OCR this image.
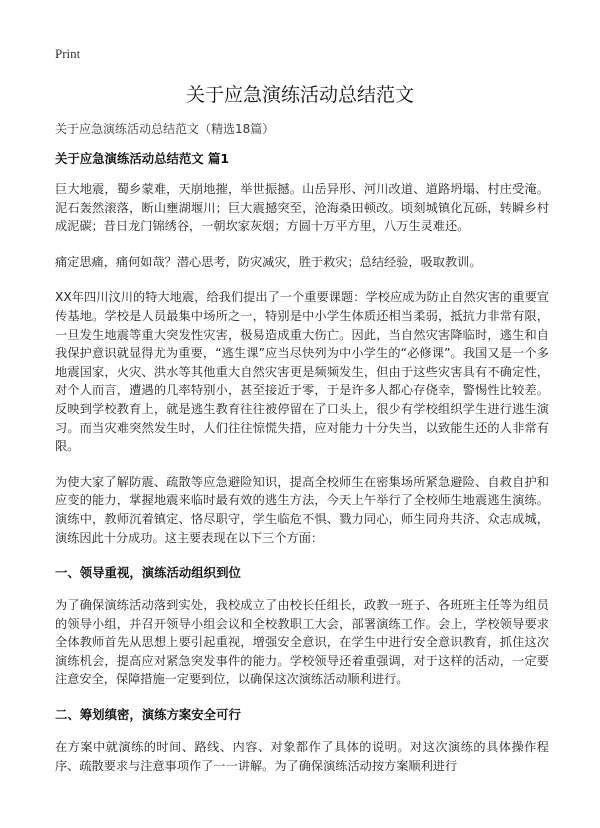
Print
关于应急演练活动总结范文
关于应急演练活动总结范文（精选18篇）
关于应急演练活动总结范文 篇1

巨大地震，蜀乡蒙难，天崩地摧，举世振撼。山岳异形、河川改道、道路坍塌、村庄受淹。泥石轰然滚落，断山壅湖堰川；巨大震撼突至，沧海桑田顿改。顷刻城镇化瓦砾，转瞬乡村成泥碳；昔日龙门锦绣谷，一朝坎家灰烟；方圆十万平方里，八万生灵难还。

痛定思痛，痛何如哉？潜心思考，防灾减灾，胜于救灾；总结经验，吸取教训。

XX年四川汶川的特大地震，给我们提出了一个重要课题：学校应成为防止自然灾害的重要宣传基地。学校是人员最集中场所之一，特别是中小学生体质还相当柔弱，抵抗力非常有限，一旦发生地震等重大突发性灾害，极易造成重大伤亡。因此，当自然灾害降临时，逃生和自我保护意识就显得尤为重要，“逃生课”应当尽快列为中小学生的“必修课”。我国又是一个多地震国家，火灾、洪水等其他重大自然灾害更是频频发生，但由于这些灾害具有不确定性，对个人而言，遭遇的几率特别小，甚至接近于零，于是许多人都心存侥幸，警惕性比较差。反映到学校教育上，就是逃生教育往往被停留在了口头上，很少有学校组织学生进行逃生演习。而当灾难突然发生时，人们往往惊慌失措，应对能力十分失当，以致能生还的人非常有限。

为使大家了解防震、疏散等应急避险知识，提高全校师生在密集场所紧急避险、自救自护和应变的能力，掌握地震来临时最有效的逃生方法，今天上午举行了全校师生地震逃生演练。演练中，教师沉着镇定、恪尽职守，学生临危不惧、戮力同心，师生同舟共济、众志成城，演练因此十分成功。这主要表现在以下三个方面：

一、领导重视，演练活动组织到位

为了确保演练活动落到实处，我校成立了由校长任组长，政教一班子、各班班主任等为组员的领导小组，并召开领导小组会议和全校教职工大会，部署演练工作。会上，学校领导要求全体教师首先从思想上要引起重视，增强安全意识，在学生中进行安全意识教育，抓住这次演练机会，提高应对紧急突发事件的能力。学校领导还着重强调，对于这样的活动，一定要注意安全，保障措施一定要到位，以确保这次演练活动顺利进行。

二、筹划缜密，演练方案安全可行

在方案中就演练的时间、路线、内容、对象都作了具体的说明。对这次演练的具体操作程序、疏散要求与注意事项作了一一讲解。为了确保演练活动按方案顺利进行
